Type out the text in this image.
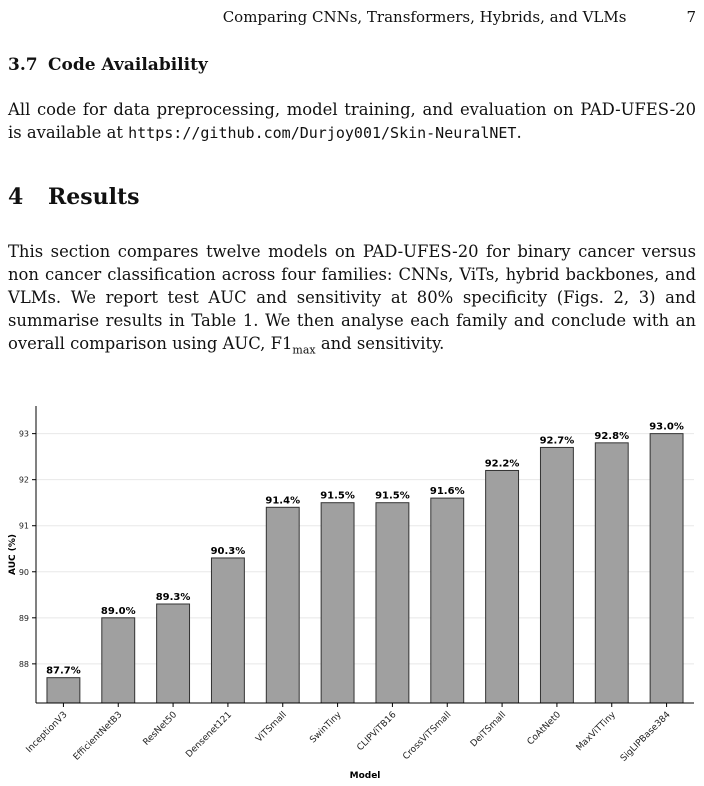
Comparing CNNs, Transformers, Hybrids, and VLMs	7
3.7 Code Availability
All code for data preprocessing, model training, and evaluation on PAD-UFES-20 is available at https://github.com/Durjoy001/Skin-NeuralNET.
4 Results
This section compares twelve models on PAD-UFES-20 for binary cancer versus non cancer classification across four families: CNNs, ViTs, hybrid backbones, and VLMs. We report test AUC and sensitivity at 80% specificity (Figs. 2, 3) and summarise results in Table 1. We then analyse each family and conclude with an overall comparison using AUC, $F1_{max}$ and sensitivity.
88
89
90
91
92
93
87.7%
InceptionV3
89.0%
EfficientNetB3
89.3%
ResNet50
90.3%
Densenet121
91.4%
ViTSmall
91.5%
SwinTiny
91.5%
CLIPViTB16
91.6%
CrossViTSmall
92.2%
DeiTSmall
92.7%
CoAtNet0
92.8%
MaxViTTiny
93.0%
SigLIPBase384
Model
AUC (%)
